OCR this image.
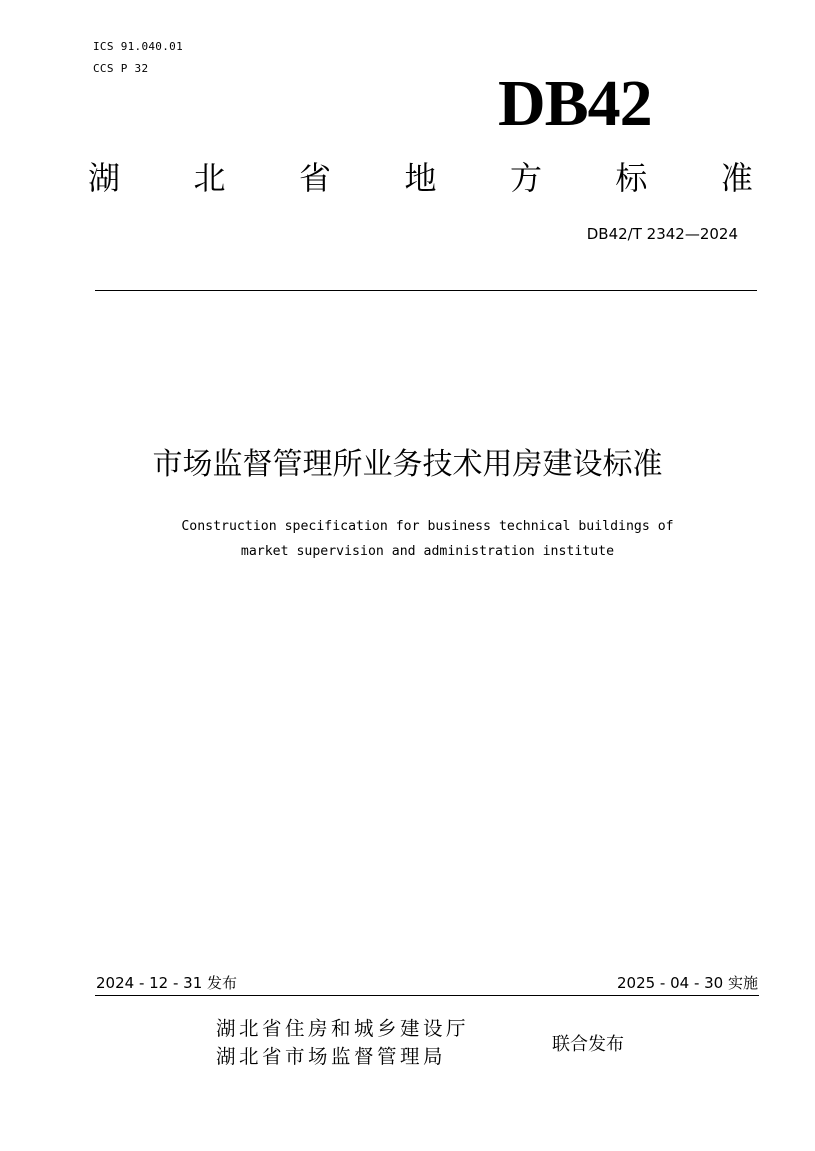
ICS 91.040.01
CCS P 32	DB42
湖 北 省 地 方 标 准
DB42/T 2342—2024
市场监督管理所业务技术用房建设标准
Construction specification for business technical buildings of
market supervision and administration institute
2024 - 12 - 31 发布	2025 - 04 - 30 实施
湖北省住房和城乡建设厅
湖北省市场监督管理局
联合发布
